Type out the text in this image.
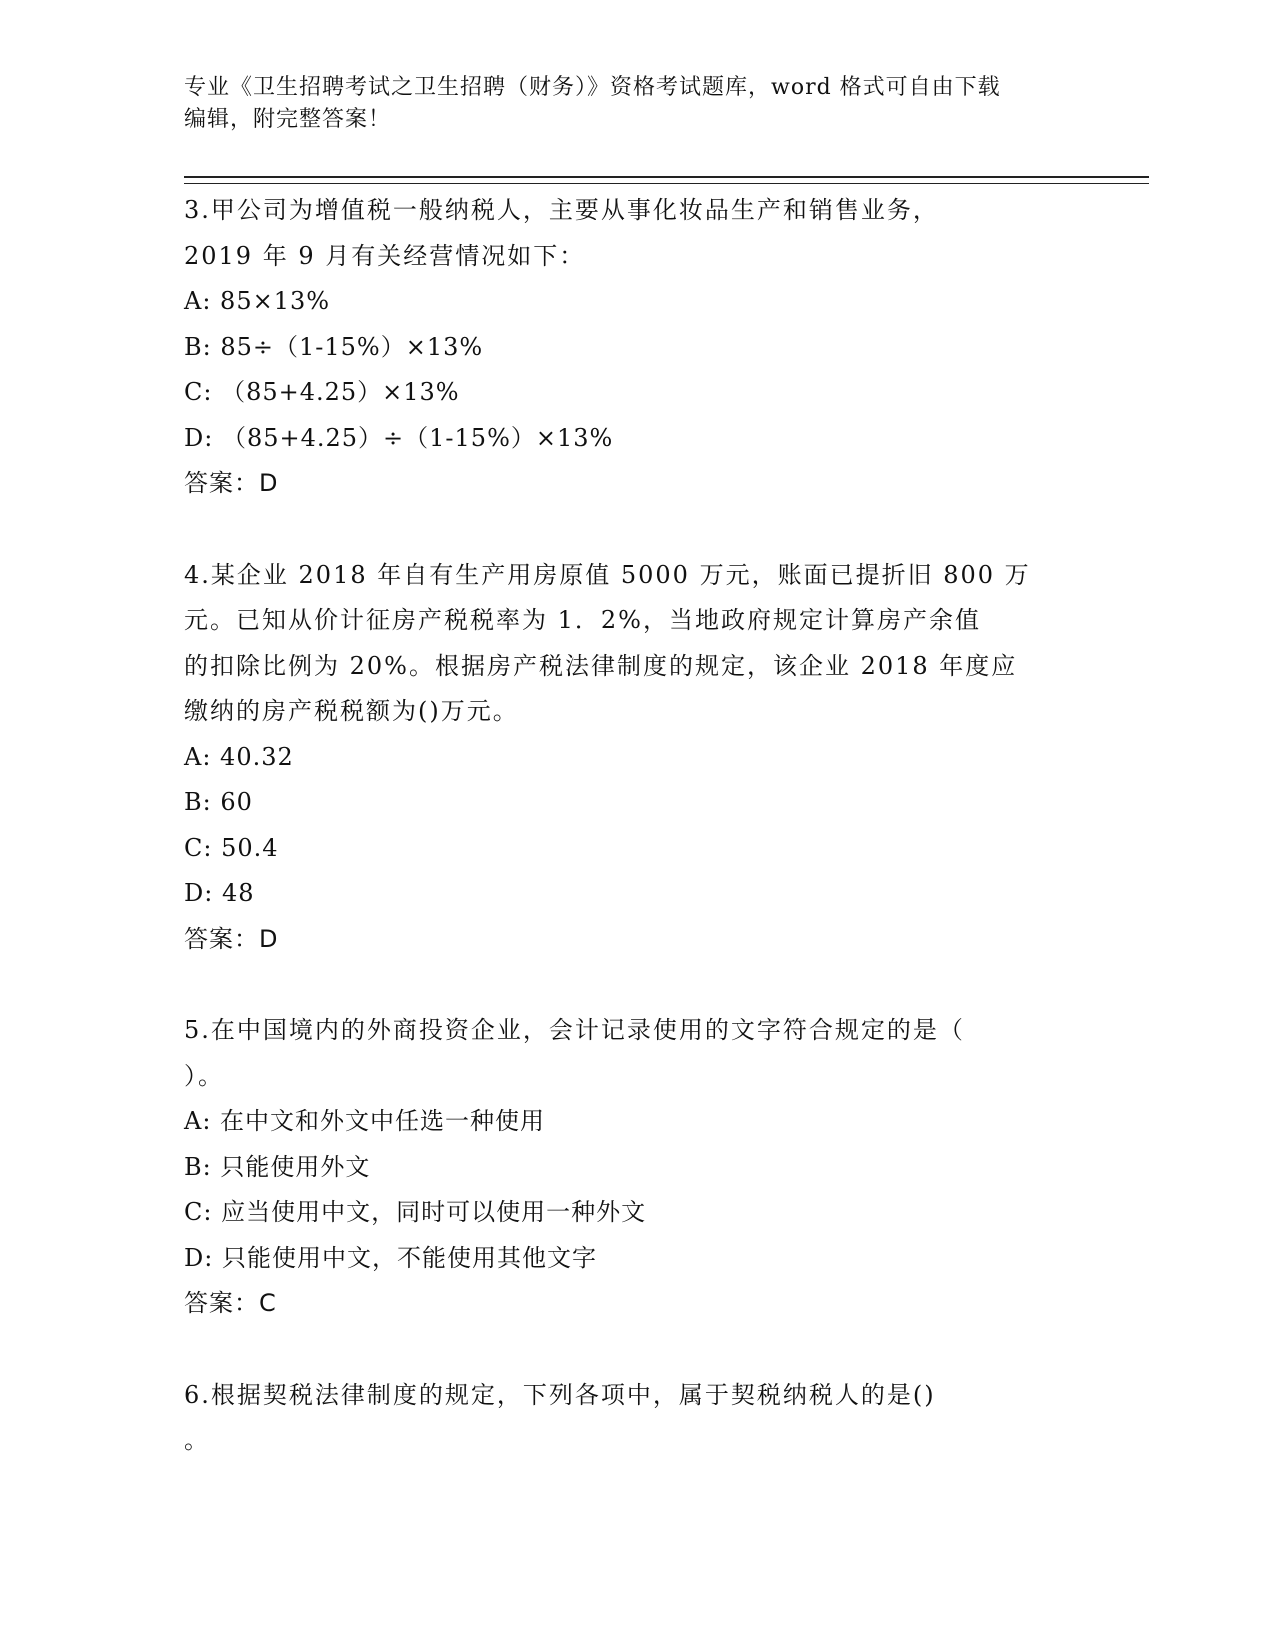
专业《卫生招聘考试之卫生招聘（财务）》资格考试题库，word 格式可自由下载
编辑，附完整答案！
3.甲公司为增值税一般纳税人，主要从事化妆品生产和销售业务，
2019 年 9 月有关经营情况如下：
A: 85×13%
B: 85÷（1-15%）×13%
C: （85+4.25）×13%
D: （85+4.25）÷（1-15%）×13%
答案：D
4.某企业 2018 年自有生产用房原值 5000 万元，账面已提折旧 800 万
元。已知从价计征房产税税率为 1．2%，当地政府规定计算房产余值
的扣除比例为 20%。根据房产税法律制度的规定，该企业 2018 年度应
缴纳的房产税税额为()万元。
A: 40.32
B: 60
C: 50.4
D: 48
答案：D
5.在中国境内的外商投资企业，会计记录使用的文字符合规定的是（
）。
A: 在中文和外文中任选一种使用
B: 只能使用外文
C: 应当使用中文，同时可以使用一种外文
D: 只能使用中文，不能使用其他文字
答案：C
6.根据契税法律制度的规定，下列各项中，属于契税纳税人的是()
。
